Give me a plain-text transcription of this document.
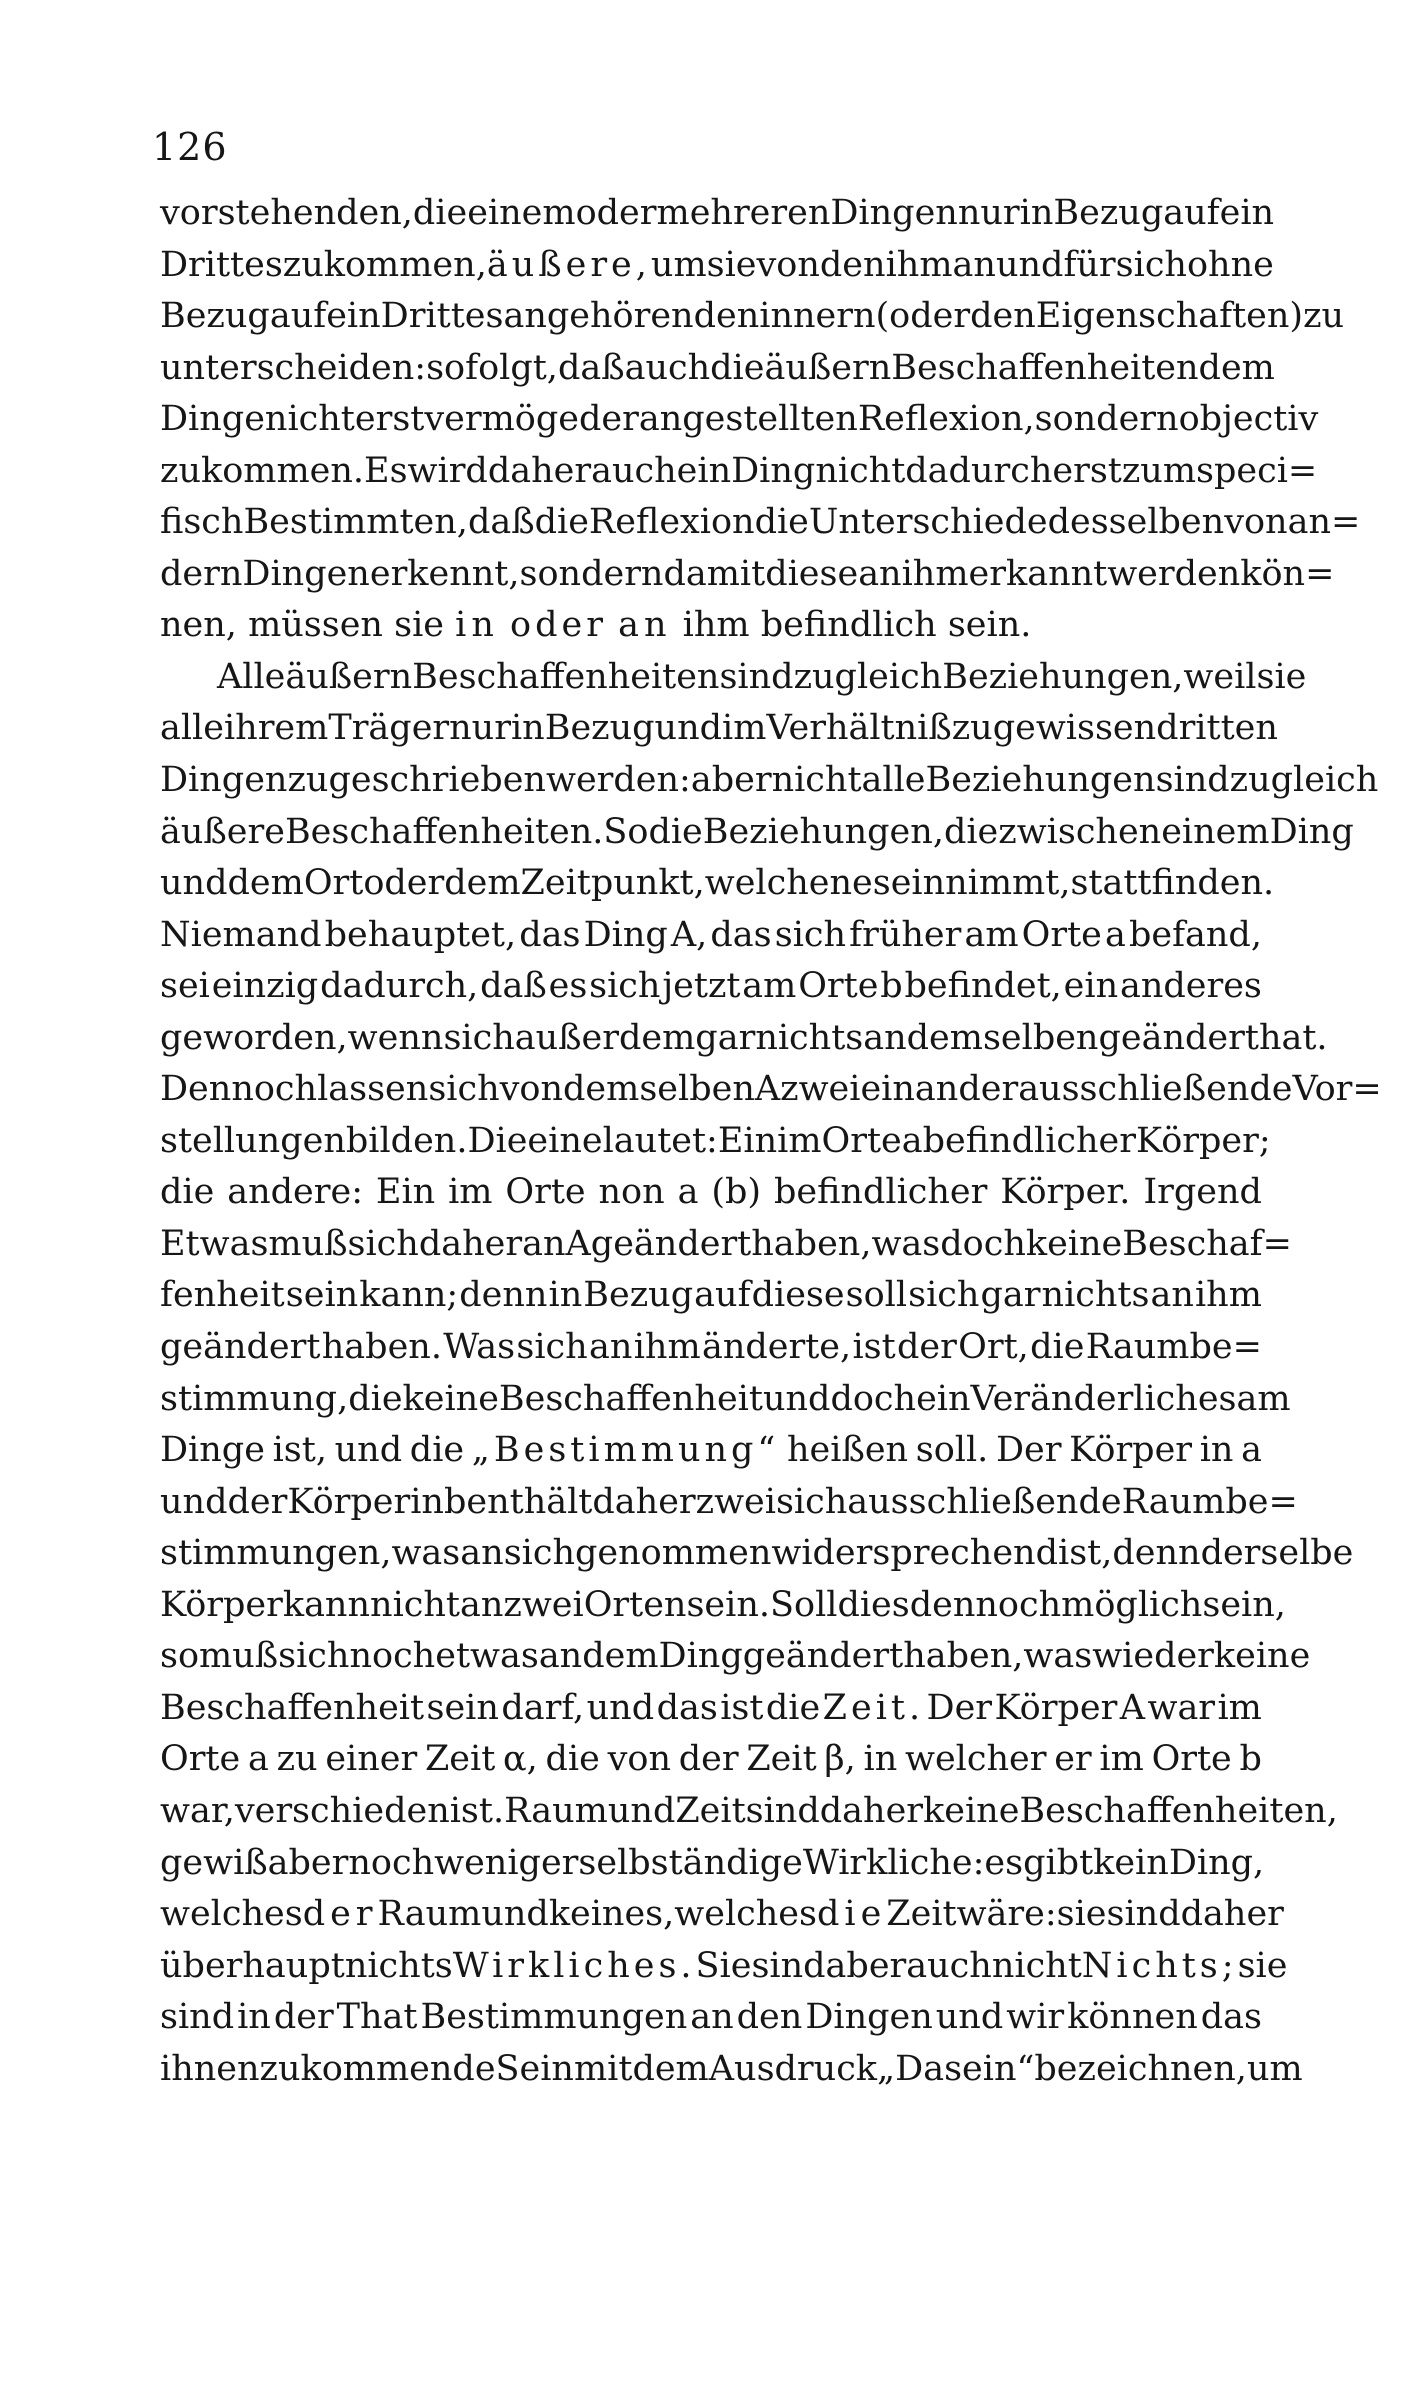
126
vorstehenden, die einem oder mehreren Dingen nur in Bezug auf ein
Drittes zukommen, äußere, um sie von den ihm an und für sich ohne
Bezug auf ein Drittes angehörenden innern (oder den Eigenschaften) zu
unterscheiden: so folgt, daß auch die äußern Beschaffenheiten dem
Dinge nicht erst vermöge der angestellten Reflexion, sondern objectiv
zukommen. Es wird daher auch ein Ding nicht dadurch erst zum speci=
fisch Bestimmten, daß die Reflexion die Unterschiede desselben von an=
dern Dingen erkennt, sondern damit diese an ihm erkannt werden kön=
nen,
müssen
sie
in
oder
an
ihm
befindlich
sein.
Alle äußern Beschaffenheiten sind zugleich Beziehungen, weil sie
alle ihrem Träger nur in Bezug und im Verhältniß zu gewissen dritten
Dingen zugeschrieben werden: aber nicht alle Beziehungen sind zugleich
äußere Beschaffenheiten. So die Beziehungen, die zwischen einem Ding
und dem Ort oder dem Zeitpunkt, welchen es einnimmt, stattfinden.
Niemand behauptet, das Ding A, das sich früher am Orte a befand,
sei einzig dadurch, daß es sich jetzt am Orte b befindet, ein anderes
geworden, wenn sich außerdem gar nichts an demselben geändert hat.
Dennoch lassen sich von demselben A zwei einander ausschließende Vor=
stellungen bilden. Die eine lautet: Ein im Orte a befindlicher Körper;
die andere: Ein im Orte non a (b) befindlicher Körper. Irgend
Etwas muß sich daher an A geändert haben, was doch keine Beschaf=
fenheit sein kann; denn in Bezug auf diese soll sich gar nichts an ihm
geändert haben. Was sich an ihm änderte, ist der Ort, die Raumbe=
stimmung, die keine Beschaffenheit und doch ein Veränderliches am
Dinge ist, und die „Bestimmung“ heißen soll. Der Körper in a
und der Körper in b enthält daher zwei sich ausschließende Raumbe=
stimmungen, was an sich genommen widersprechend ist, denn derselbe
Körper kann nicht an zwei Orten sein. Soll dies dennoch möglich sein,
so muß sich noch etwas an dem Ding geändert haben, was wieder keine
Beschaffenheit sein darf, und das ist die Zeit. Der Körper A war im
Orte a zu einer Zeit α, die von der Zeit β, in welcher er im Orte b
war, verschieden ist. Raum und Zeit sind daher keine Beschaffenheiten,
gewiß aber noch weniger selbständige Wirkliche: es gibt kein Ding,
welches der Raum und keines, welches die Zeit wäre: sie sind daher
überhaupt nichts Wirkliches. Sie sind aber auch nicht Nichts; sie
sind in der That Bestimmungen an den Dingen und wir können das
ihnen zukommende Sein mit dem Ausdruck „Dasein“ bezeichnen, um
